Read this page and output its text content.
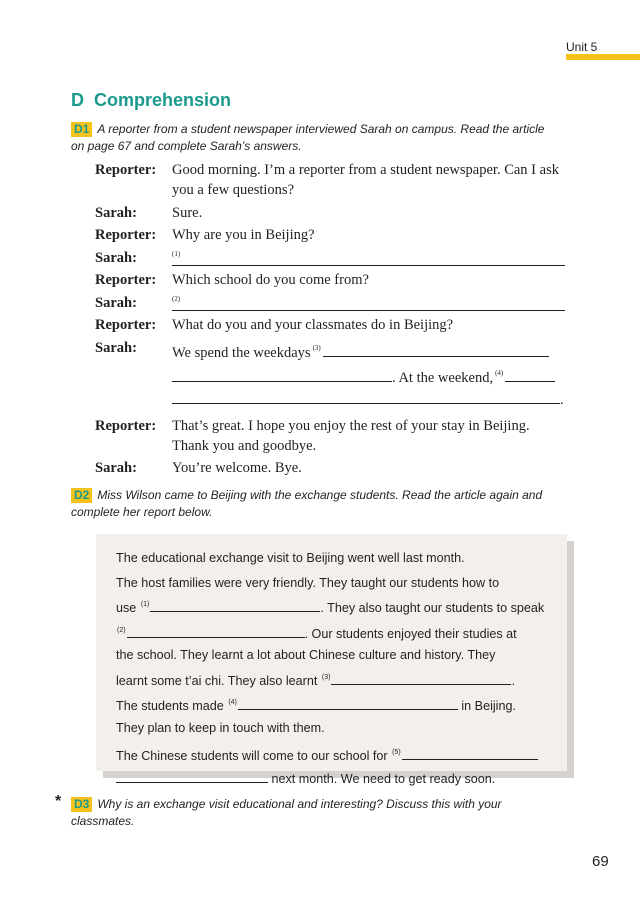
Unit 5
D Comprehension
D1 A reporter from a student newspaper interviewed Sarah on campus. Read the article on page 67 and complete Sarah’s answers.
Reporter:	Good morning. I’m a reporter from a student newspaper. Can I ask you a few questions?
Sarah:	Sure.
Reporter:	Why are you in Beijing?
Sarah:	(1)
Reporter:	Which school do you come from?
Sarah:	(2)
Reporter:	What do you and your classmates do in Beijing?
Sarah:	We spend the weekdays $^{(3)}$
. At the weekend, $^{(4)}$
.
Reporter:	That’s great. I hope you enjoy the rest of your stay in Beijing. Thank you and goodbye.
Sarah:	You’re welcome. Bye.
D2 Miss Wilson came to Beijing with the exchange students. Read the article again and complete her report below.
The educational exchange visit to Beijing went well last month.
The host families were very friendly. They taught our students how to
use $^{(1)}$	. They also taught our students to speak
$^{(2)}$	. Our students enjoyed their studies at
the school. They learnt a lot about Chinese culture and history. They
learnt some t’ai chi. They also learnt $^{(3)}$	.
The students made $^{(4)}$	in Beijing.
They plan to keep in touch with them.
The Chinese students will come to our school for $^{(5)}$
next month. We need to get ready soon.
* D3 Why is an exchange visit educational and interesting? Discuss this with your classmates.
69
